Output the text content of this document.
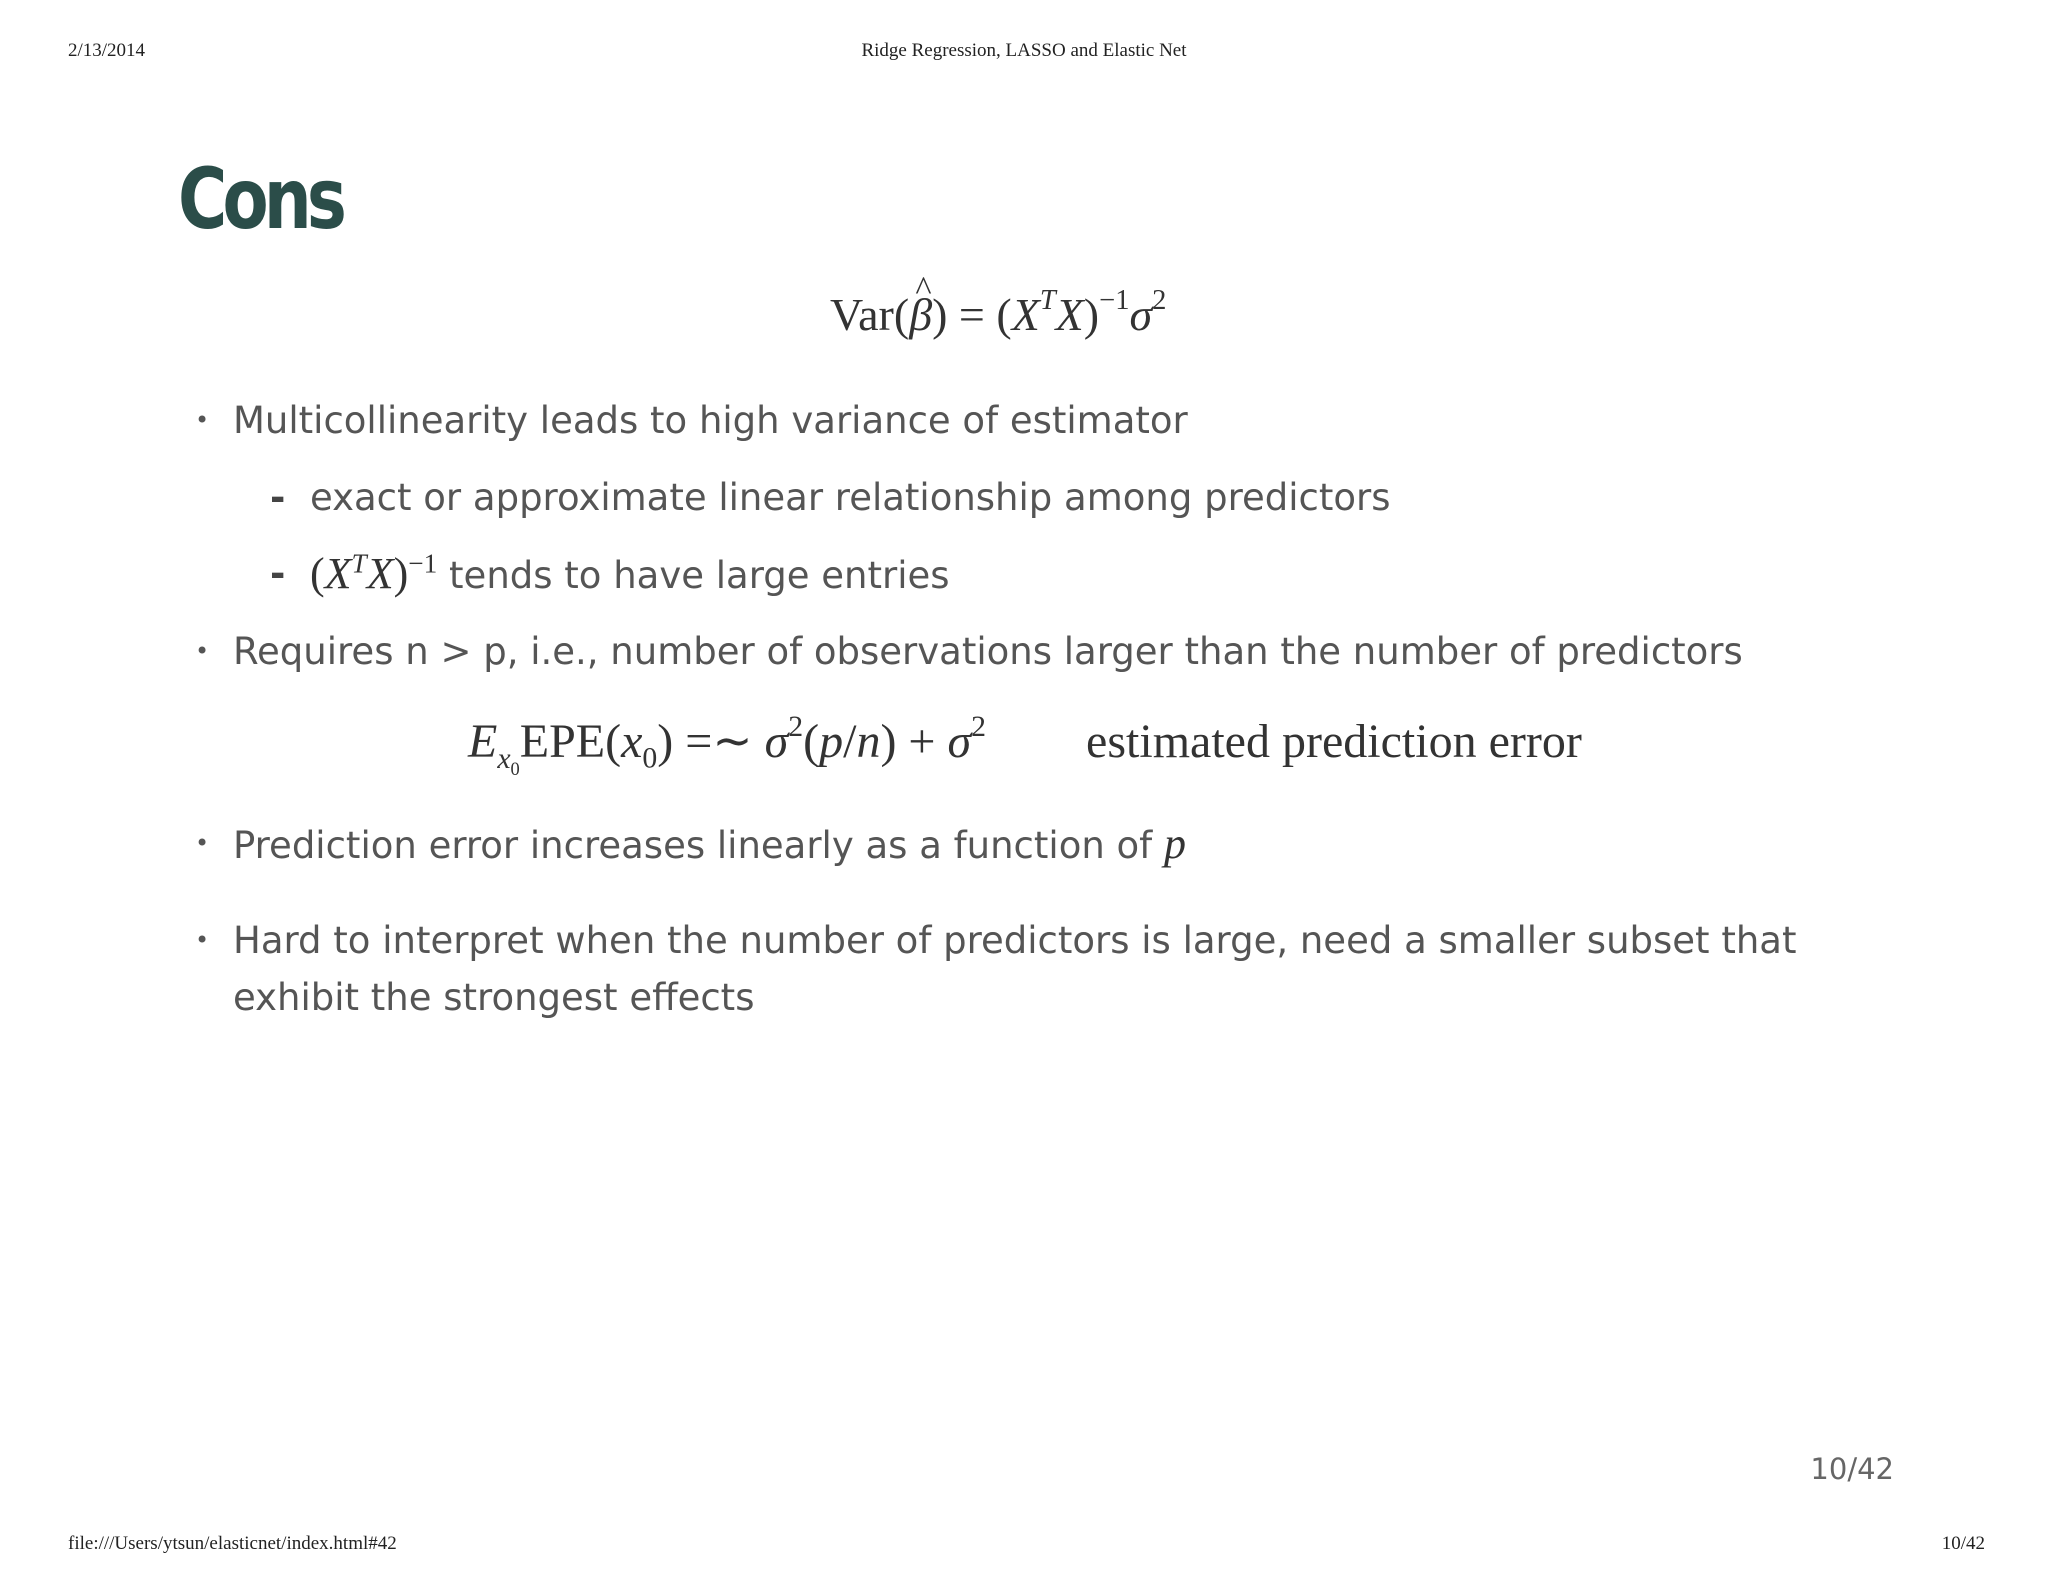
2/13/2014	Ridge Regression, LASSO and Elastic Net
Cons
Var(^ $\beta) = (X^TX)^{-1}\sigma^2$
• Multicollinearity leads to high variance of estimator
- exact or approximate linear relationship among predictors
- $(X^TX)^{-1}$ tends to have large entries
• Requires n > p, i.e., number of observations larger than the number of predictors
$E_{x_0}EPE(x_0)$ =∼ $\sigma^2(p/n) + \sigma^2$ estimated prediction error
• Prediction error increases linearly as a function of p
• Hard to interpret when the number of predictors is large, need a smaller subset that exhibit the strongest effects
10/42
file:///Users/ytsun/elasticnet/index.html#42	10/42
